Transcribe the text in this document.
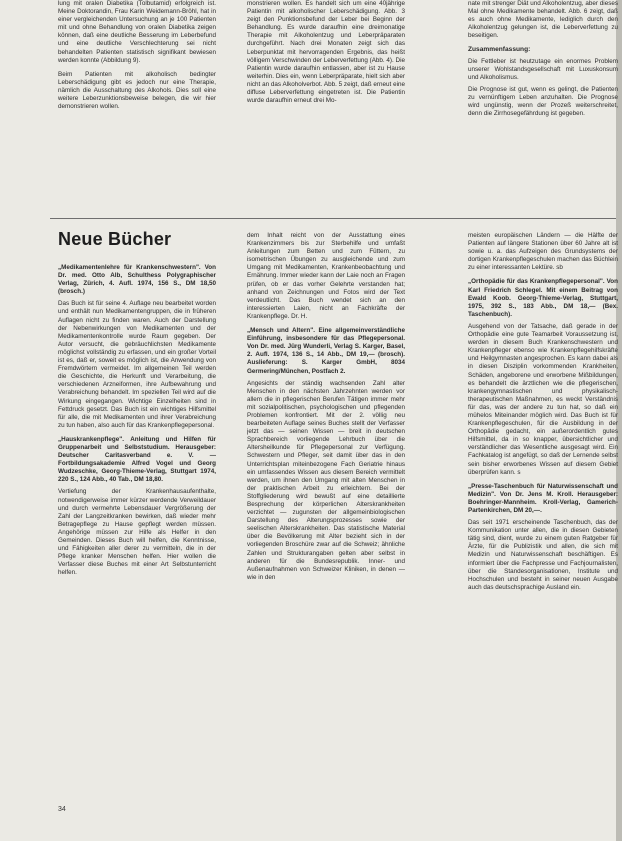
lung mit oralen Diabetika (Tolbutamid) erfolgreich ist. Meine Doktorandin, Frau Karin Weidemann-Bröhl, hat in einer vergleichenden Untersuchung an je 100 Patienten mit und ohne Behandlung von oralen Diabetika zeigen können, daß eine deutliche Besserung im Leberbefund und eine deutliche Verschlechterung sei nicht behandelten Patienten statistisch signifikant bewiesen werden konnte (Abbildung 9).

Beim Patienten mit alkoholisch bedingter Leberschädigung gibt es jedoch nur eine Therapie, nämlich die Ausschaltung des Alkohols. Dies soll eine weitere Leberzunktionsbeweise belegen, die wir hier demonstrieren wollen.

monstrieren wollen. Es handelt sich um eine 40jährige Patientin mit alkoholischer Leberschädigung. Abb. 3 zeigt den Punktionsbefund der Leber bei Beginn der Behandlung. Es wurde daraufhin eine dreimonatige Therapie mit Alkoholentzug und Leberpräparaten durchgeführt. Nach drei Monaten zeigt sich das Leberpunktat mit hervorragenden Ergebnis, das heißt völligem Verschwinden der Leberverfettung (Abb. 4). Die Patientin wurde daraufhin entlassen, aber ist zu Hause weiterhin. Dies ein, wenn Leberpräparate, hielt sich aber nicht an das Alkoholverbot. Abb. 5 zeigt, daß erneut eine diffuse Leberverfettung eingetreten ist. Die Patientin wurde daraufhin erneut drei Mo-

nate mit strenger Diät und Alkoholentzug, aber dieses Mal ohne Medikamente behandelt. Abb. 6 zeigt, daß es auch ohne Medikamente, lediglich durch den Alkoholentzug gelungen ist, die Leberverfettung zu beseitigen.

Zusammenfassung:

Die Fettleber ist heutzutage ein enormes Problem unserer Wohlstandsgesellschaft mit Luxuskonsum und Alkoholismus.

Die Prognose ist gut, wenn es gelingt, die Patienten zu vernünftigem Leben anzuhalten. Die Prognose wird ungünstig, wenn der Prozeß weiterschreitet, denn die Zirrhosegefährdung ist gegeben.

Neue Bücher

„Medikamentenlehre für Krankenschwestern". Von Dr. med. Otto Alb, Schulthess Polygraphischer Verlag, Zürich, 4. Aufl. 1974, 156 S., DM 18,50 (brosch.)

Das Buch ist für seine 4. Auflage neu bearbeitet worden und enthält nun Medikamentengruppen, die in früheren Auflagen nicht zu finden waren. Auch der Darstellung der Nebenwirkungen von Medikamenten und der Medikamentenkontrolle wurde Raum gegeben. Der Autor versucht, die gebräuchlichsten Medikamente möglichst vollständig zu erfassen, und ein großer Vorteil ist es, daß er, soweit es möglich ist, die Anwendung von Fremdwörtern vermeidet. Im allgemeinen Teil werden die Geschichte, die Herkunft und Verarbeitung, die verschiedenen Arzneiformen, ihre Aufbewahrung und Verabreichung behandelt. Im speziellen Teil wird auf die Wirkung eingegangen. Wichtige Einzelheiten sind in Fettdruck gesetzt. Das Buch ist ein wichtiges Hilfsmittel für alle, die mit Medikamenten und ihrer Verabreichung zu tun haben, also auch für das Krankenpflegepersonal.

„Hauskrankenpflege". Anleitung und Hilfen für Gruppenarbeit und Selbststudium. Herausgeber: Deutscher Caritasverband e. V. — Fortbildungsakademie Alfred Vogel und Georg Wudzeschke, Georg-Thieme-Verlag, Stuttgart 1974, 220 S., 124 Abb., 40 Tab., DM 18,80.

Vertiefung der Krankenhausaufenthalte, notwendigerweise immer kürzer werdende Verweildauer und durch vermehrte Lebensdauer Vergrößerung der Zahl der Langzeitkranken bewirken, daß wieder mehr Betragepflege zu Hause gepflegt werden müssen. Angehörige müssen zur Hilfe als Helfer in den Gemeinden. Dieses Buch will helfen, die Kenntnisse, und Fähigkeiten aller derer zu vermitteln, die in der Pflege kranker Menschen helfen. Hier wollen die Verfasser diese Buches mit einer Art Selbstunterricht helfen.

dem Inhalt reicht von der Ausstattung eines Krankenzimmers bis zur Sterbehilfe und umfaßt Anleitungen zum Betten und zum Füttern, zu isometrischen Übungen zu ausgleichende und zum Umgang mit Medikamenten, Krankenbeobachtung und Ernährung. Immer wieder kann der Laie noch an Fragen prüfen, ob er das vorher Gelehrte verstanden hat; anhand von Zeichnungen und Fotos wird der Text verdeutlicht. Das Buch wendet sich an den interessierten Laien, nicht an Fachkräfte der Krankenpflege. Dr. H.

„Mensch und Altern". Eine allgemeinverständliche Einführung, insbesondere für das Pflegepersonal. Von Dr. med. Jürg Wunderli, Verlag S. Karger, Basel, 2. Aufl. 1974, 136 S., 14 Abb., DM 19,— (brosch). Auslieferung: S. Karger GmbH, 8034 Germering/München, Postfach 2.

Angesichts der ständig wachsenden Zahl alter Menschen in den nächsten Jahrzehnten werden vor allem die in pflegerischen Berufen Tätigen immer mehr mit sozialpolitischen, psychologischen und pflegenden Problemen konfrontiert. Mit der 2. völlig neu bearbeiteten Auflage seines Buches stellt der Verfasser jetzt das — seinen Wissen — breit in deutschen Sprachbereich vorliegende Lehrbuch über die Altersheilkunde für Pflegepersonal zur Verfügung. Schwestern und Pfleger, seit damit über das in den Unterrichtsplan miteinbezogene Fach Geriatrie hinaus ein umfassendes Wissen aus diesem Bereich vermittelt werden, um ihnen den Umgang mit alten Menschen in der praktischen Arbeit zu erleichtern. Bei der Stoffgliederung wird bewußt auf eine detaillierte Besprechung der körperlichen Alterskrankheiten verzichtet — zugunsten der allgemeinbiologischen Darstellung des Alterungsprozesses sowie der seelischen Alterskrankheiten. Das statistische Material über die Bevölkerung mit Alter bezieht sich in der vorliegenden Broschüre zwar auf die Schweiz; ähnliche Zahlen und Strukturangaben gelten aber selbst in anderen für die Bundesrepublik. Inner- und Außenaufnahmen von Schweizer Kliniken, in denen — wie in den

meisten europäischen Ländern — die Hälfte der Patienten auf längere Stationen über 60 Jahre alt ist sowie u. a. das Aufzeigen des Grundsystems der dortigen Krankenpflegeschulen machen das Büchlein zu einer interessanten Lektüre. sb

„Orthopädie für das Krankenpflegepersonal". Von Karl Friedrich Schlegel. Mit einem Beitrag von Ewald Koob. Georg-Thieme-Verlag, Stuttgart, 1975, 392 S., 183 Abb., DM 18,— (Bex. Taschenbuch).

Ausgehend von der Tatsache, daß gerade in der Orthopädie eine gute Teamarbeit Voraussetzung ist, werden in diesem Buch Krankenschwestern und Krankenpfleger ebenso wie Krankenpflegehilfskräfte und Heilgymnasten angesprochen. Es kann dabei als in diesen Disziplin vorkommenden Krankheiten, Schäden, angeborene und erworbene Mißbildungen, es behandelt die ärztlichen wie die pflegerischen, krankengymnastischen und physikalisch-therapeutischen Maßnahmen, es weckt Verständnis für das, was der andere zu tun hat, so daß ein mühelos Miteinander möglich wird. Das Buch ist für Krankenpflegeschulen, für die Ausbildung in der Orthopädie gedacht, ein außerordentlich gutes Hilfsmittel, da in so knapper, übersichtlicher und verständlicher das Wesentliche ausgesagt wird. Ein Fachkatalog ist angefügt, so daß der Lernende selbst sein bisher erworbenes Wissen auf diesem Gebiet überprüfen kann. s

„Presse-Taschenbuch für Naturwissenschaft und Medizin". Von Dr. Jens M. Kroll. Herausgeber: Boehringer-Mannheim. Kroll-Verlag, Gamerich-Partenkirchen, DM 20,—.

Das seit 1971 erscheinende Taschenbuch, das der Kommunikation unter allen, die in diesen Gebieten tätig sind, dient, wurde zu einem guten Ratgeber für Ärzte, für die Publizistik und allen, die sich mit Medizin und Naturwissenschaft beschäftigen. Es informiert über die Fachpresse und Fachjournalisten, über die Standesorganisationen, Institute und Hochschulen und besteht in seiner neuen Ausgabe auch das deutschsprachige Ausland ein.

34
